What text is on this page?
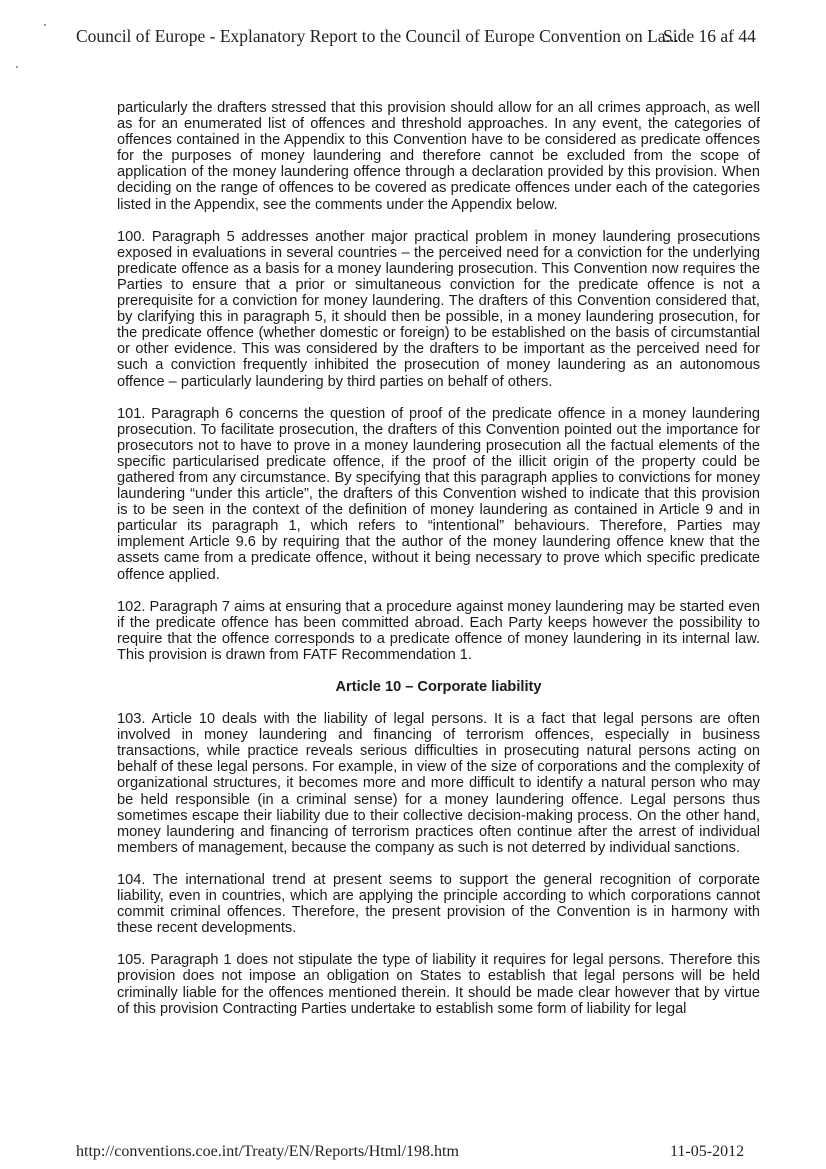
Council of Europe - Explanatory Report to the Council of Europe Convention on La...
Side 16 af 44

particularly the drafters stressed that this provision should allow for an all crimes approach, as well as for an enumerated list of offences and threshold approaches. In any event, the categories of offences contained in the Appendix to this Convention have to be considered as predicate offences for the purposes of money laundering and therefore cannot be excluded from the scope of application of the money laundering offence through a declaration provided by this provision. When deciding on the range of offences to be covered as predicate offences under each of the categories listed in the Appendix, see the comments under the Appendix below.

100. Paragraph 5 addresses another major practical problem in money laundering prosecutions exposed in evaluations in several countries – the perceived need for a conviction for the underlying predicate offence as a basis for a money laundering prosecution. This Convention now requires the Parties to ensure that a prior or simultaneous conviction for the predicate offence is not a prerequisite for a conviction for money laundering. The drafters of this Convention considered that, by clarifying this in paragraph 5, it should then be possible, in a money laundering prosecution, for the predicate offence (whether domestic or foreign) to be established on the basis of circumstantial or other evidence. This was considered by the drafters to be important as the perceived need for such a conviction frequently inhibited the prosecution of money laundering as an autonomous offence – particularly laundering by third parties on behalf of others.

101. Paragraph 6 concerns the question of proof of the predicate offence in a money laundering prosecution. To facilitate prosecution, the drafters of this Convention pointed out the importance for prosecutors not to have to prove in a money laundering prosecution all the factual elements of the specific particularised predicate offence, if the proof of the illicit origin of the property could be gathered from any circumstance. By specifying that this paragraph applies to convictions for money laundering “under this article”, the drafters of this Convention wished to indicate that this provision is to be seen in the context of the definition of money laundering as contained in Article 9 and in particular its paragraph 1, which refers to “intentional” behaviours. Therefore, Parties may implement Article 9.6 by requiring that the author of the money laundering offence knew that the assets came from a predicate offence, without it being necessary to prove which specific predicate offence applied.

102. Paragraph 7 aims at ensuring that a procedure against money laundering may be started even if the predicate offence has been committed abroad. Each Party keeps however the possibility to require that the offence corresponds to a predicate offence of money laundering in its internal law. This provision is drawn from FATF Recommendation 1.

Article 10 – Corporate liability

103. Article 10 deals with the liability of legal persons. It is a fact that legal persons are often involved in money laundering and financing of terrorism offences, especially in business transactions, while practice reveals serious difficulties in prosecuting natural persons acting on behalf of these legal persons. For example, in view of the size of corporations and the complexity of organizational structures, it becomes more and more difficult to identify a natural person who may be held responsible (in a criminal sense) for a money laundering offence. Legal persons thus sometimes escape their liability due to their collective decision-making process. On the other hand, money laundering and financing of terrorism practices often continue after the arrest of individual members of management, because the company as such is not deterred by individual sanctions.

104. The international trend at present seems to support the general recognition of corporate liability, even in countries, which are applying the principle according to which corporations cannot commit criminal offences. Therefore, the present provision of the Convention is in harmony with these recent developments.

105. Paragraph 1 does not stipulate the type of liability it requires for legal persons. Therefore this provision does not impose an obligation on States to establish that legal persons will be held criminally liable for the offences mentioned therein. It should be made clear however that by virtue of this provision Contracting Parties undertake to establish some form of liability for legal

http://conventions.coe.int/Treaty/EN/Reports/Html/198.htm	11-05-2012
